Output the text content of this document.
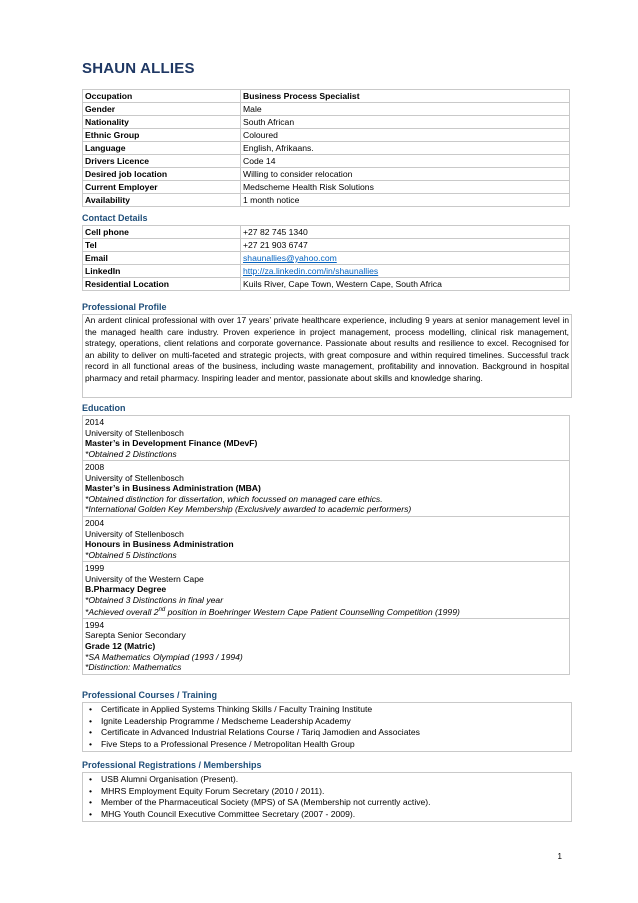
SHAUN ALLIES
Occupation	Business Process Specialist
Gender	Male
Nationality	South African
Ethnic Group	Coloured
Language	English, Afrikaans.
Drivers Licence	Code 14
Desired job location	Willing to consider relocation
Current Employer	Medscheme Health Risk Solutions
Availability	1 month notice
Contact Details
Cell phone	+27 82 745 1340
Tel	+27 21 903 6747
Email	shaunallies@yahoo.com
LinkedIn	http://za.linkedin.com/in/shaunallies
Residential Location	Kuils River, Cape Town, Western Cape, South Africa
Professional Profile
An ardent clinical professional with over 17 years’ private healthcare experience, including 9 years at senior management level in the managed health care industry. Proven experience in project management, process modelling, clinical risk management, strategy, operations, client relations and corporate governance. Passionate about results and resilience to excel. Recognised for an ability to deliver on multi-faceted and strategic projects, with great composure and within required timelines. Successful track record in all functional areas of the business, including waste management, profitability and innovation. Background in hospital pharmacy and retail pharmacy. Inspiring leader and mentor, passionate about skills and knowledge sharing.
Education
2014
University of Stellenbosch
Master’s in Development Finance (MDevF)
*Obtained 2 Distinctions

2008
University of Stellenbosch
Master’s in Business Administration (MBA)
*Obtained distinction for dissertation, which focussed on managed care ethics.
*International Golden Key Membership (Exclusively awarded to academic performers)

2004
University of Stellenbosch
Honours in Business Administration
*Obtained 5 Distinctions

1999
University of the Western Cape
B.Pharmacy Degree
*Obtained 3 Distinctions in final year
*Achieved overall 2nd position in Boehringer Western Cape Patient Counselling Competition (1999)

1994
Sarepta Senior Secondary
Grade 12 (Matric)
*SA Mathematics Olympiad (1993 / 1994)
*Distinction: Mathematics
Professional Courses / Training
• Certificate in Applied Systems Thinking Skills / Faculty Training Institute
• Ignite Leadership Programme / Medscheme Leadership Academy
• Certificate in Advanced Industrial Relations Course / Tariq Jamodien and Associates
• Five Steps to a Professional Presence / Metropolitan Health Group
Professional Registrations / Memberships
• USB Alumni Organisation (Present).
• MHRS Employment Equity Forum Secretary (2010 / 2011).
• Member of the Pharmaceutical Society (MPS) of SA (Membership not currently active).
• MHG Youth Council Executive Committee Secretary (2007 - 2009).
1
